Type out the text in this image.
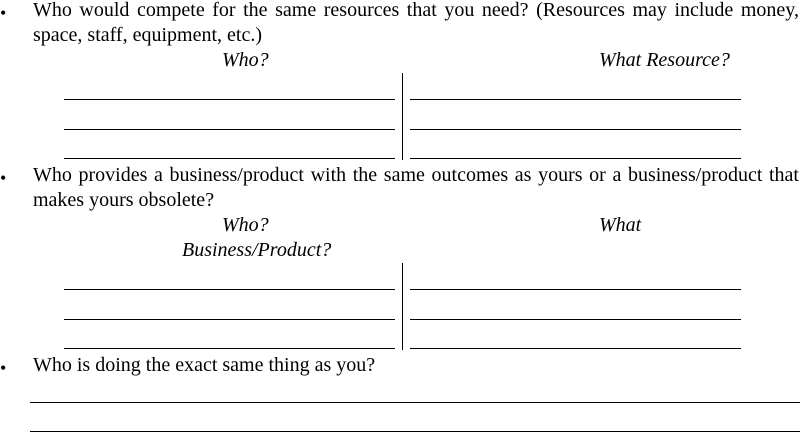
• Who would compete for the same resources that you need? (Resources may include money, space, staff, equipment, etc.)

Who?	What Resource?
• Who provides a business/product with the same outcomes as yours or a business/product that makes yours obsolete?

Who?	What
Business/Product?
• Who is doing the exact same thing as you?
